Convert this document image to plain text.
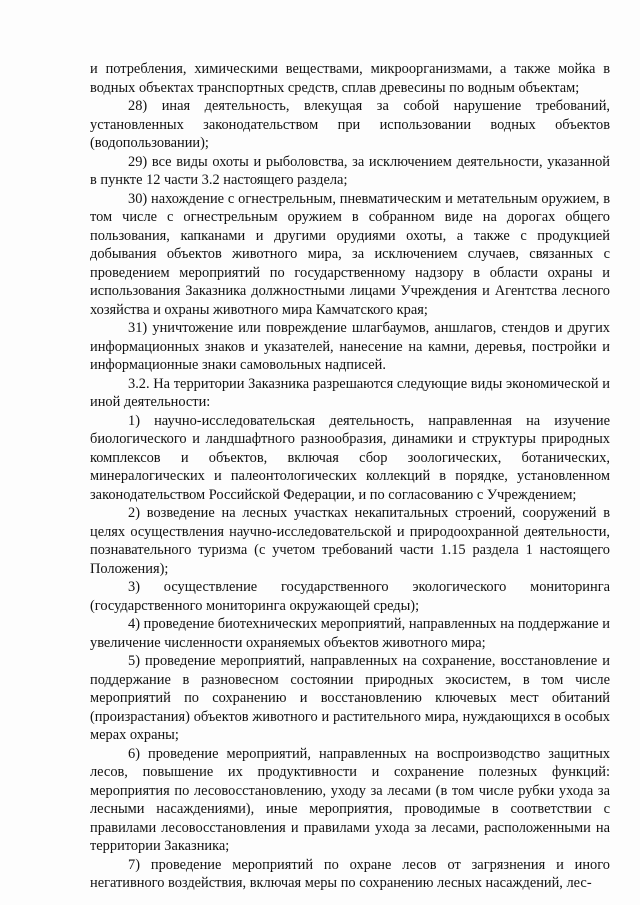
и потребления, химическими веществами, микроорганизмами, а также мойка в водных объектах транспортных средств, сплав древесины по водным объектам;

28) иная деятельность, влекущая за собой нарушение требований, установленных законодательством при использовании водных объектов (водопользовании);

29) все виды охоты и рыболовства, за исключением деятельности, указанной в пункте 12 части 3.2 настоящего раздела;

30) нахождение с огнестрельным, пневматическим и метательным оружием, в том числе с огнестрельным оружием в собранном виде на дорогах общего пользования, капканами и другими орудиями охоты, а также с продукцией добывания объектов животного мира, за исключением случаев, связанных с проведением мероприятий по государственному надзору в области охраны и использования Заказника должностными лицами Учреждения и Агентства лесного хозяйства и охраны животного мира Камчатского края;

31) уничтожение или повреждение шлагбаумов, аншлагов, стендов и других информационных знаков и указателей, нанесение на камни, деревья, постройки и информационные знаки самовольных надписей.

3.2. На территории Заказника разрешаются следующие виды экономической и иной деятельности:

1) научно-исследовательская деятельность, направленная на изучение биологического и ландшафтного разнообразия, динамики и структуры природных комплексов и объектов, включая сбор зоологических, ботанических, минералогических и палеонтологических коллекций в порядке, установленном законодательством Российской Федерации, и по согласованию с Учреждением;

2) возведение на лесных участках некапитальных строений, сооружений в целях осуществления научно-исследовательской и природоохранной деятельности, познавательного туризма (с учетом требований части 1.15 раздела 1 настоящего Положения);

3) осуществление государственного экологического мониторинга (государственного мониторинга окружающей среды);

4) проведение биотехнических мероприятий, направленных на поддержание и увеличение численности охраняемых объектов животного мира;

5) проведение мероприятий, направленных на сохранение, восстановление и поддержание в разновесном состоянии природных экосистем, в том числе мероприятий по сохранению и восстановлению ключевых мест обитаний (произрастания) объектов животного и растительного мира, нуждающихся в особых мерах охраны;

6) проведение мероприятий, направленных на воспроизводство защитных лесов, повышение их продуктивности и сохранение полезных функций: мероприятия по лесовосстановлению, уходу за лесами (в том числе рубки ухода за лесными насаждениями), иные мероприятия, проводимые в соответствии с правилами лесовосстановления и правилами ухода за лесами, расположенными на территории Заказника;

7) проведение мероприятий по охране лесов от загрязнения и иного негативного воздействия, включая меры по сохранению лесных насаждений, лес-
